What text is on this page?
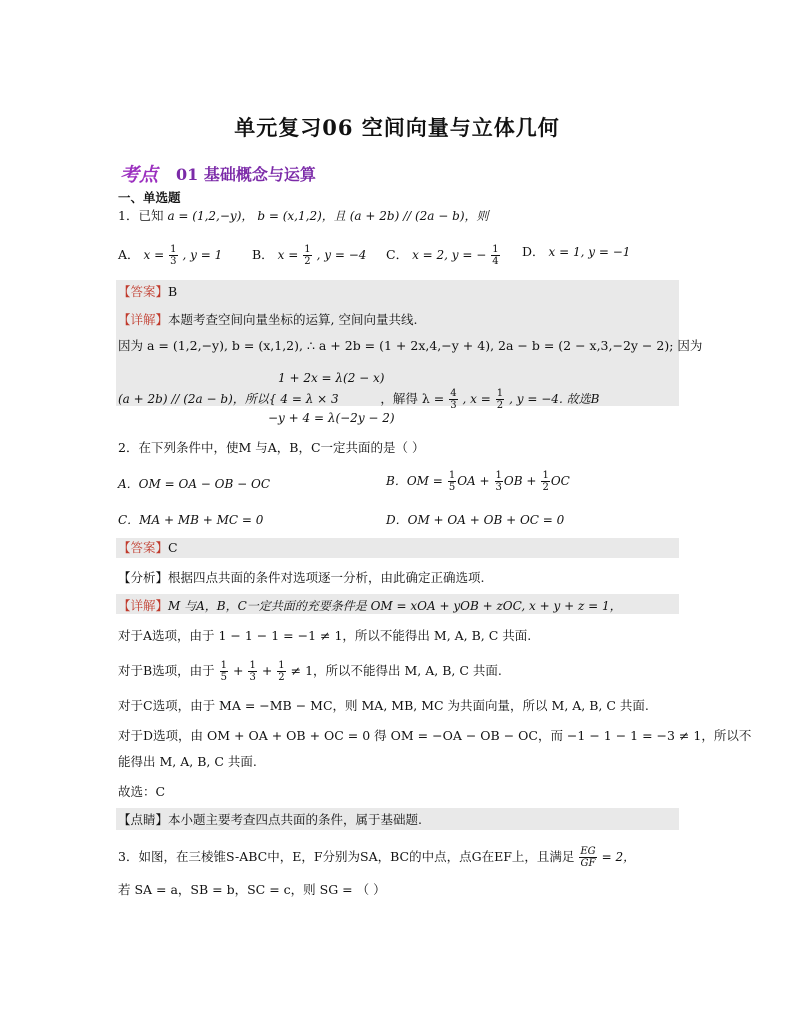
单元复习06 空间向量与立体几何
考点 01 基础概念与运算
一、单选题
1．已知 a = (1,2,−y)， b = (x,1,2)，且 (a + 2b) // (2a − b)，则
A． $x = \frac{1}{3}$ , y = 1 B． $x = \frac{1}{2}$ , y = −4 C． x = 2, y = − $\frac{1}{4}$ D． x = 1, y = −1
【答案】B
【详解】本题考查空间向量坐标的运算, 空间向量共线.
因为 a = (1,2,−y), b = (x,1,2), ∴ a + 2b = (1 + 2x,4,−y + 4), 2a − b = (2 − x,3,−2y − 2); 因为
1 + 2x = λ(2 − x)
(a + 2b) // (2a − b)，所以{ 4 = λ × 3	，解得 $\lambda = \frac{4}{3}$ , $x = \frac{1}{2}$ , y = −4. 故选B
−y + 4 = λ(−2y − 2)
2．在下列条件中，使M 与A，B，C一定共面的是（ ）
A．OM = OA − OB − OC	B．OM = $\frac{1}{5}$ OA + $\frac{1}{3}$ OB + $\frac{1}{2}$ OC
C．MA + MB + MC = 0	D．OM + OA + OB + OC = 0
【答案】C
【分析】根据四点共面的条件对选项逐一分析，由此确定正确选项.
【详解】M 与A，B，C一定共面的充要条件是 OM = xOA + yOB + zOC, x + y + z = 1，
对于A选项，由于 1 − 1 − 1 = −1 ≠ 1，所以不能得出 M, A, B, C 共面.
对于B选项，由于 $\frac{1}{5} + \frac{1}{3} + \frac{1}{2} \ne 1$，所以不能得出 M, A, B, C 共面.
对于C选项，由于 MA = −MB − MC，则 MA, MB, MC 为共面向量，所以 M, A, B, C 共面.
对于D选项，由 OM + OA + OB + OC = 0 得 OM = −OA − OB − OC，而 −1 − 1 − 1 = −3 ≠ 1，所以不
能得出 M, A, B, C 共面.
故选：C
【点睛】本小题主要考查四点共面的条件，属于基础题.
3．如图，在三棱锥S-ABC中，E，F分别为SA，BC的中点，点G在EF上，且满足 $\frac{EG}{GF} = 2$，
若 SA = a，SB = b，SC = c，则 SG = （ ）
